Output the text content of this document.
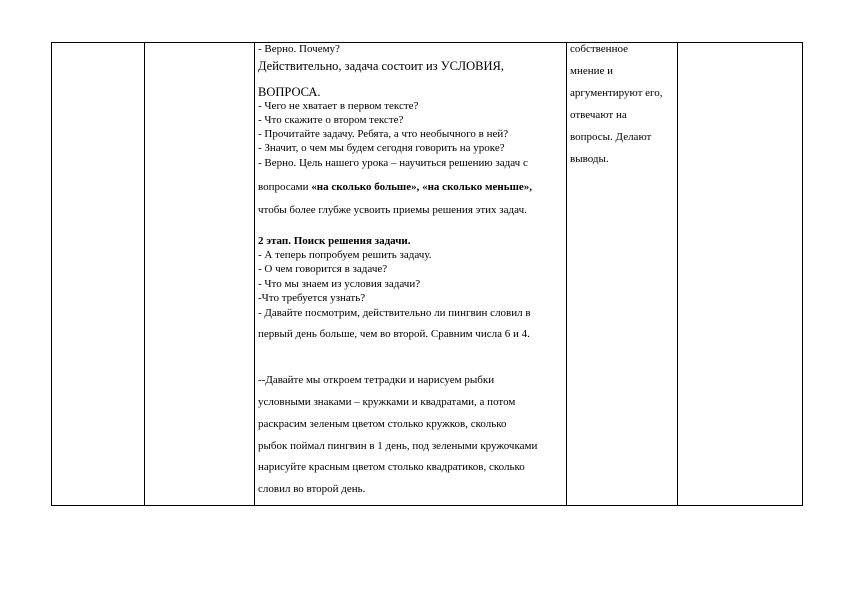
- Верно. Почему?
Действительно, задача состоит из УСЛОВИЯ,
ВОПРОСА.
- Чего не хватает в первом тексте?
- Что скажите о втором тексте?
- Прочитайте задачу. Ребята, а что необычного в ней?
- Значит, о чем мы будем сегодня говорить на уроке?
- Верно. Цель нашего урока – научиться решению задач с
вопросами «на сколько больше», «на сколько меньше»,
чтобы более глубже усвоить приемы решения этих задач.
2 этап. Поиск решения задачи.
- А теперь попробуем решить задачу.
- О чем говорится в задаче?
- Что мы знаем из условия задачи?
-Что требуется узнать?
- Давайте посмотрим, действительно ли пингвин словил в
первый день больше, чем во второй. Сравним числа 6 и 4.
--Давайте мы откроем тетрадки и нарисуем рыбки
условными знаками – кружками и квадратами, а потом
раскрасим зеленым цветом столько кружков, сколько
рыбок поймал пингвин в 1 день, под зелеными кружочками
нарисуйте красным цветом столько квадратиков, сколько
словил во второй день.
собственное
мнение и
аргументируют его,
отвечают на
вопросы. Делают
выводы.
